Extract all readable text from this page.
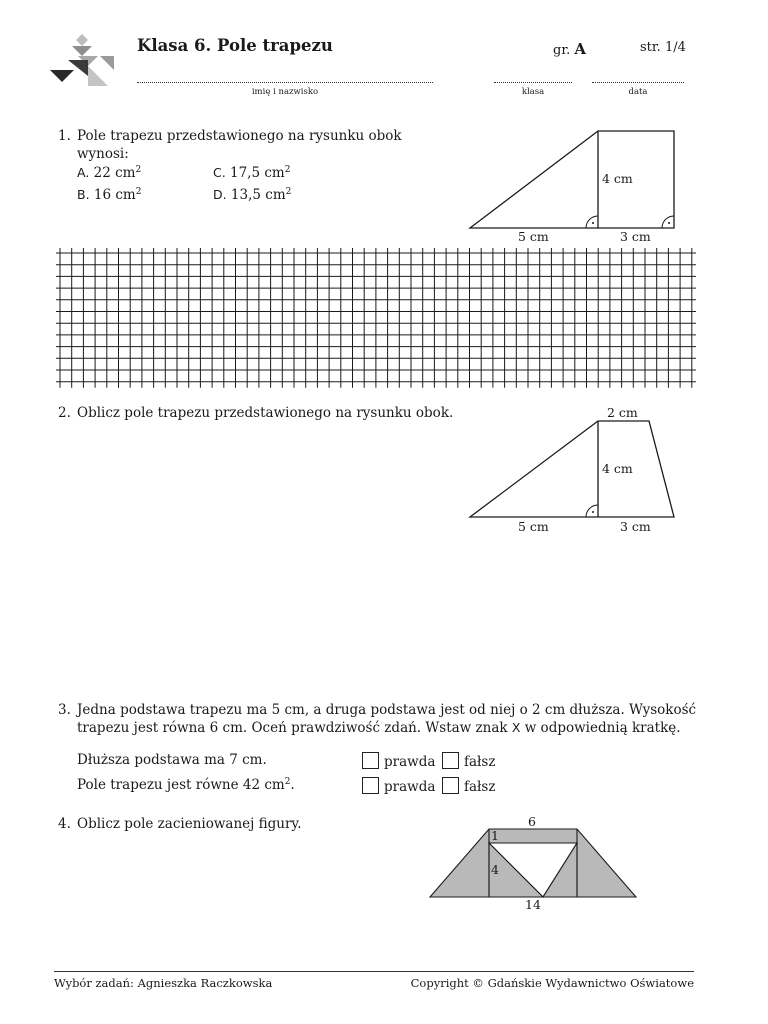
Klasa 6. Pole trapezu	gr. A	str. 1/4
imię i nazwisko	klasa	data
1. Pole trapezu przedstawionego na rysunku obok
wynosi:
A. 22 $cm^2$	C. 17,5 $cm^2$
B. 16 $cm^2$	D. 13,5 $cm^2$
4 cm
5 cm	3 cm
2. Oblicz pole trapezu przedstawionego na rysunku obok.	2 cm
4 cm
5 cm	3 cm
3. Jedna podstawa trapezu ma 5 cm, a druga podstawa jest od niej o 2 cm dłuższa. Wysokość
trapezu jest równa 6 cm. Oceń prawdziwość zdań. Wstaw znak X w odpowiednią kratkę.
Dłuższa podstawa ma 7 cm.	prawda	fałsz
Pole trapezu jest równe 42 $cm^2$.	prawda	fałsz
4. Oblicz pole zacieniowanej figury.	6
1
4
14
Wybór zadań: Agnieszka Raczkowska	Copyright © Gdańskie Wydawnictwo Oświatowe
